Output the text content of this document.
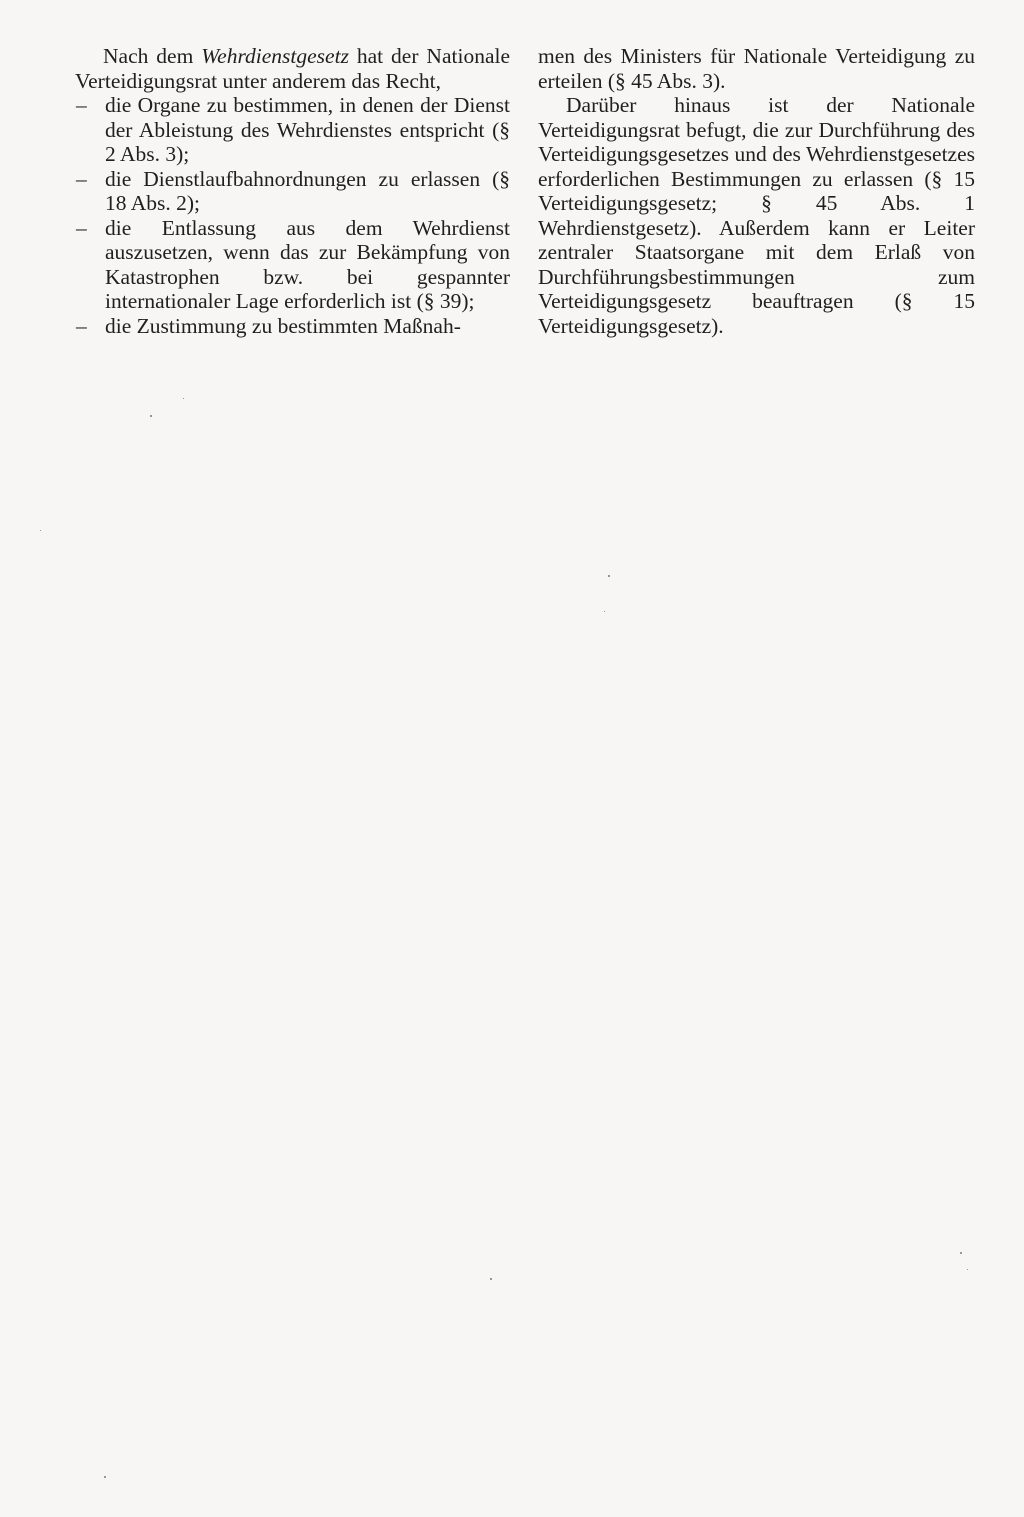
Nach dem Wehrdienstgesetz hat der Nationale Verteidigungsrat unter anderem das Recht,

– die Organe zu bestimmen, in denen der Dienst der Ableistung des Wehrdienstes entspricht (§ 2 Abs. 3);

– die Dienstlaufbahnordnungen zu erlassen (§ 18 Abs. 2);

– die Entlassung aus dem Wehrdienst auszusetzen, wenn das zur Bekämpfung von Katastrophen bzw. bei gespannter internationaler Lage erforderlich ist (§ 39);

– die Zustimmung zu bestimmten Maßnah-

men des Ministers für Nationale Verteidigung zu erteilen (§ 45 Abs. 3).

Darüber hinaus ist der Nationale Verteidigungsrat befugt, die zur Durchführung des Verteidigungsgesetzes und des Wehrdienstgesetzes erforderlichen Bestimmungen zu erlassen (§ 15 Verteidigungsgesetz; § 45 Abs. 1 Wehrdienstgesetz). Außerdem kann er Leiter zentraler Staatsorgane mit dem Erlaß von Durchführungsbestimmungen zum Verteidigungsgesetz beauftragen (§ 15 Verteidigungsgesetz).
